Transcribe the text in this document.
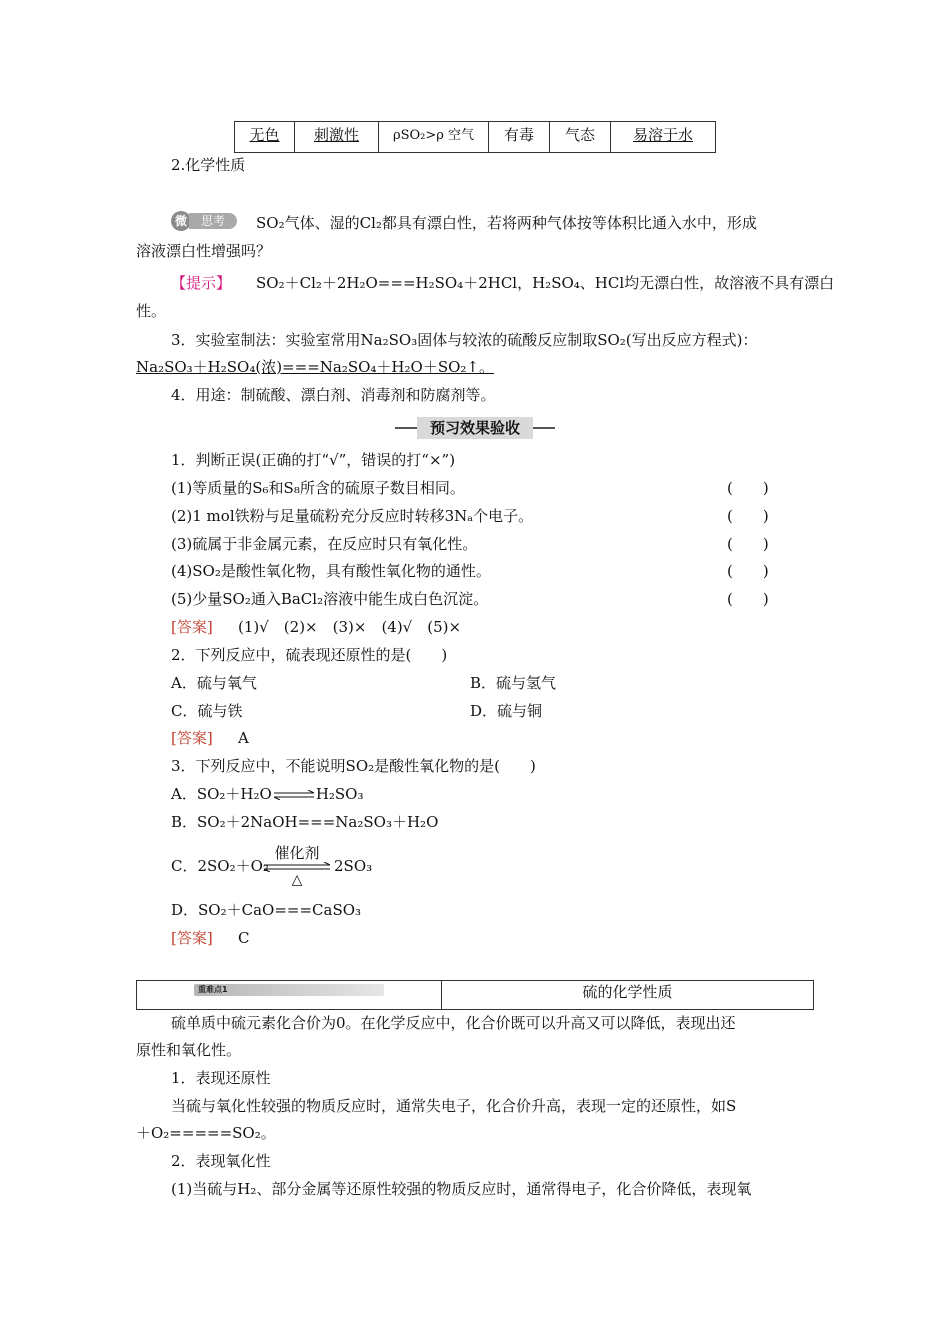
无色 刺激性	ρSO₂>ρ 空气 有毒 气态	易溶于水
2.化学性质
微	思考	SO₂气体、湿的Cl₂都具有漂白性，若将两种气体按等体积比通入水中，形成
溶液漂白性增强吗？
【提示】 SO₂＋Cl₂＋2H₂O===H₂SO₄＋2HCl，H₂SO₄、HCl均无漂白性，故溶液不具有漂白
性。
3．实验室制法：实验室常用Na₂SO₃固体与较浓的硫酸反应制取SO₂(写出反应方程式)：
Na₂SO₃＋H₂SO₄(浓)===Na₂SO₄＋H₂O＋SO₂↑。
4．用途：制硫酸、漂白剂、消毒剂和防腐剂等。
预习效果验收
1．判断正误(正确的打“√”，错误的打“×”)
(1)等质量的S₆和S₈所含的硫原子数目相同。	(　　)
(2)1 mol铁粉与足量硫粉充分反应时转移3Nₐ个电子。	(　　)
(3)硫属于非金属元素，在反应时只有氧化性。	(　　)
(4)SO₂是酸性氧化物，具有酸性氧化物的通性。	(　　)
(5)少量SO₂通入BaCl₂溶液中能生成白色沉淀。	(　　)
[答案] (1)√　(2)×　(3)×　(4)√　(5)×
2．下列反应中，硫表现还原性的是(　　)
A．硫与氧气	B．硫与氢气
C．硫与铁	D．硫与铜
[答案] A
3．下列反应中，不能说明SO₂是酸性氧化物的是(　　)
A．SO₂＋H₂O⇌H₂SO₃
B．SO₂＋2NaOH===Na₂SO₃＋H₂O
C．2SO₂＋O₂
催化剂
△
2SO₃
D．SO₂＋CaO===CaSO₃
[答案] C
重难点1	硫的化学性质
硫单质中硫元素化合价为0。在化学反应中，化合价既可以升高又可以降低，表现出还
原性和氧化性。
1．表现还原性
当硫与氧化性较强的物质反应时，通常失电子，化合价升高，表现一定的还原性，如S
＋O₂=====SO₂。
2．表现氧化性
(1)当硫与H₂、部分金属等还原性较强的物质反应时，通常得电子，化合价降低，表现氧
